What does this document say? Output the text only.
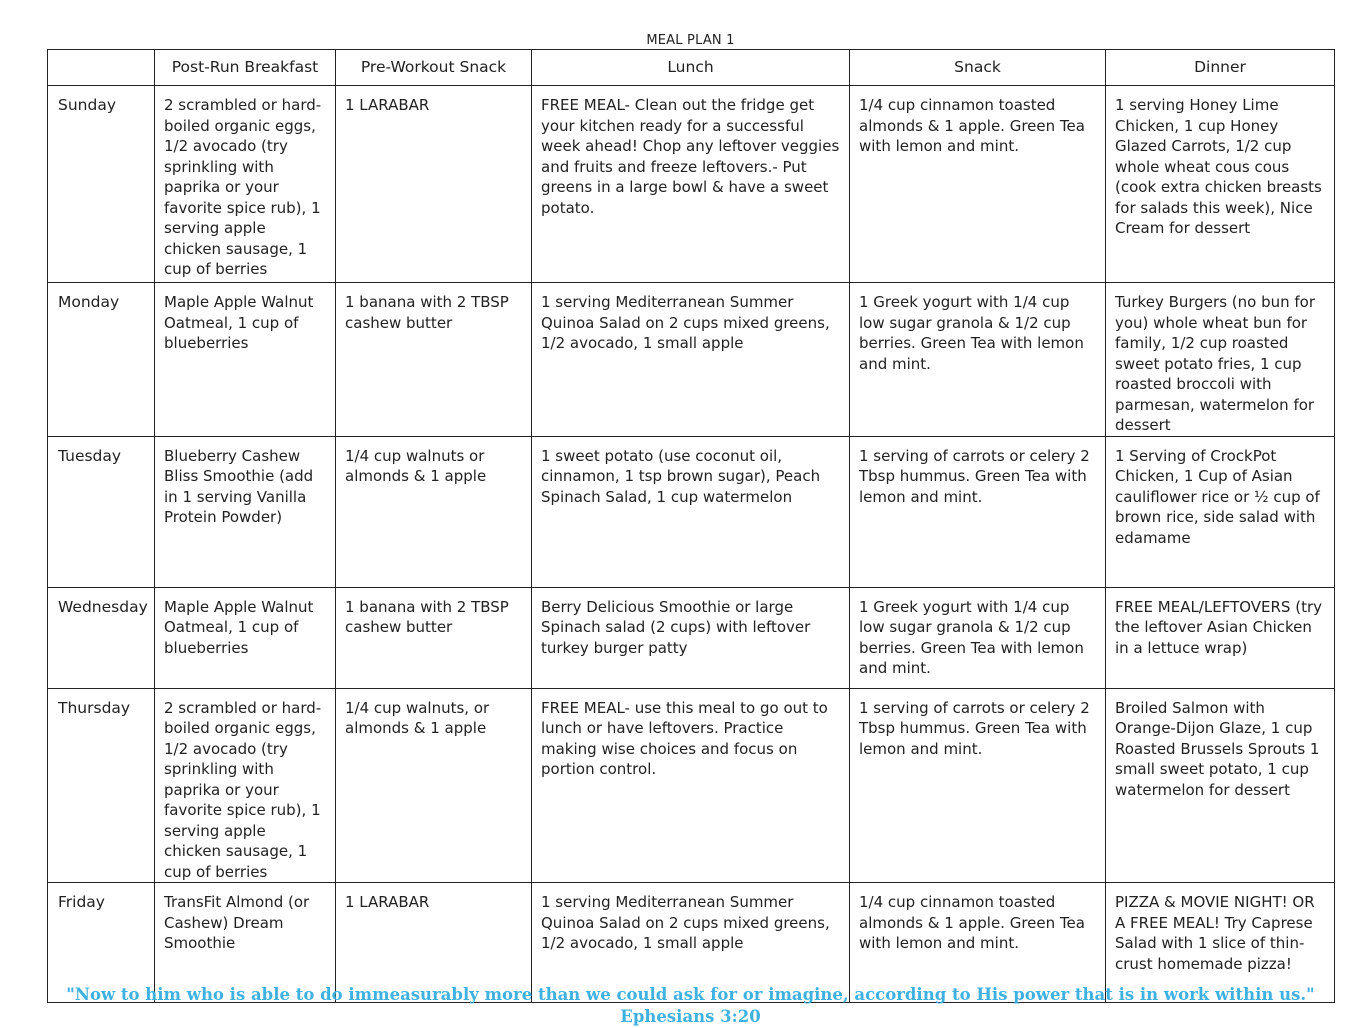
MEAL PLAN 1
	Post-Run Breakfast	Pre-Workout Snack	Lunch	Snack	Dinner

Sunday	2 scrambled or hard-boiled organic eggs, 1/2 avocado (try sprinkling with paprika or your favorite spice rub), 1 serving apple chicken sausage, 1 cup of berries	1 LARABAR	FREE MEAL- Clean out the fridge get your kitchen ready for a successful week ahead! Chop any leftover veggies and fruits and freeze leftovers.- Put greens in a large bowl & have a sweet potato.	1/4 cup cinnamon toasted almonds & 1 apple. Green Tea with lemon and mint.	1 serving Honey Lime Chicken, 1 cup Honey Glazed Carrots, 1/2 cup whole wheat cous cous (cook extra chicken breasts for salads this week), Nice Cream for dessert

Monday	Maple Apple Walnut Oatmeal, 1 cup of blueberries	1 banana with 2 TBSP cashew butter	1 serving Mediterranean Summer Quinoa Salad on 2 cups mixed greens, 1/2 avocado, 1 small apple	1 Greek yogurt with 1/4 cup low sugar granola & 1/2 cup berries. Green Tea with lemon and mint.	Turkey Burgers (no bun for you) whole wheat bun for family, 1/2 cup roasted sweet potato fries, 1 cup roasted broccoli with parmesan, watermelon for dessert

Tuesday	Blueberry Cashew Bliss Smoothie (add in 1 serving Vanilla Protein Powder)	1/4 cup walnuts or almonds & 1 apple	1 sweet potato (use coconut oil, cinnamon, 1 tsp brown sugar), Peach Spinach Salad, 1 cup watermelon	1 serving of carrots or celery 2 Tbsp hummus. Green Tea with lemon and mint.	1 Serving of CrockPot Chicken, 1 Cup of Asian cauliflower rice or ½ cup of brown rice, side salad with edamame

Wednesday	Maple Apple Walnut Oatmeal, 1 cup of blueberries	1 banana with 2 TBSP cashew butter	Berry Delicious Smoothie or large Spinach salad (2 cups) with leftover turkey burger patty	1 Greek yogurt with 1/4 cup low sugar granola & 1/2 cup berries. Green Tea with lemon and mint.	FREE MEAL/LEFTOVERS (try the leftover Asian Chicken in a lettuce wrap)

Thursday	2 scrambled or hard-boiled organic eggs, 1/2 avocado (try sprinkling with paprika or your favorite spice rub), 1 serving apple chicken sausage, 1 cup of berries	1/4 cup walnuts, or almonds & 1 apple	FREE MEAL- use this meal to go out to lunch or have leftovers. Practice making wise choices and focus on portion control.	1 serving of carrots or celery 2 Tbsp hummus. Green Tea with lemon and mint.	Broiled Salmon with Orange-Dijon Glaze, 1 cup Roasted Brussels Sprouts 1 small sweet potato, 1 cup watermelon for dessert

Friday	TransFit Almond (or Cashew) Dream Smoothie	1 LARABAR	1 serving Mediterranean Summer Quinoa Salad on 2 cups mixed greens, 1/2 avocado, 1 small apple	1/4 cup cinnamon toasted almonds & 1 apple. Green Tea with lemon and mint.	PIZZA & MOVIE NIGHT! OR A FREE MEAL! Try Caprese Salad with 1 slice of thin-crust homemade pizza!
"Now to him who is able to do immeasurably more than we could ask for or imagine, according to His power that is in work within us." Ephesians 3:20
